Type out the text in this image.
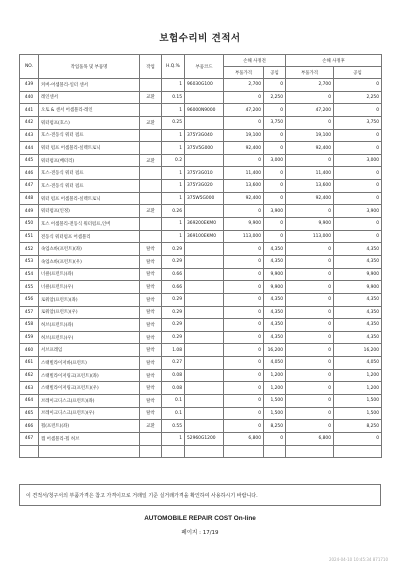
보험수리비 견적서
NO.	작업품목 및 부품명	작업	H.Q.%	부품코드	손해 사정전		손해 사정후	
					부품가격	공임	부품가격	공임
439	커버-어셈블리-일터 센서		1	96030G100	2,700	0	2,700	0
440	레인센서	교환	0.15		0	2,250	0	2,250
441	오토 & 센서 어셈블리-레인		1	96000N9000	47,200	0	47,200	0
442	워터펌프(호스)	교환	0.25		0	3,750	0	3,750
443	호스-전동식 워터 펌프		1	375Y3G040	19,100	0	19,100	0
444	워터 펌프 어셈블리-실렉트로닉		1	375V5G000	92,400	0	92,400	0
445	워터펌프(배터리)	교환	0.2		0	3,000	0	3,000
446	호스-전동식 워터 펌프		1	375Y3G010	11,400	0	11,400	0
447	호스-전동식 워터 펌프		1	375Y3G020	13,600	0	13,600	0
448	워터 펌프 어셈블리-실렉트로닉		1	375W5G000	92,400	0	92,400	0
449	워터펌프(인정)	교환	0.26		0	3,900	0	3,900
450	호스 어셈블리-전동식 워터펌프,인버		1	369200EKM0	9,900	0	9,900	0
451	전동식 워터펌프 어셈블리		1	369100EKM0	113,000	0	113,000	0
452	속업쇼바(프런트)(좌)	탈착	0.29		0	4,350	0	4,350
453	속업쇼바(프런트)(우)	탈착	0.29		0	4,350	0	4,350
454	너클(프런트)(좌)	탈착	0.66		0	9,900	0	9,900
455	너클(프런트)(우)	탈착	0.66		0	9,900	0	9,900
456	로워암(프런트)(좌)	탈착	0.29		0	4,350	0	4,350
457	로워암(프런트)(우)	탈착	0.29		0	4,350	0	4,350
458	허브(프런트)(좌)	탈착	0.29		0	4,350	0	4,350
459	허브(프런트)(우)	탈착	0.29		0	4,350	0	4,350
460	서브프레임	탈착	1.08		0	16,200	0	16,200
461	스태빌라이저바(프런트)	탈착	0.27		0	4,050	0	4,050
462	스태빌라이저링크(프런트)(좌)	탈착	0.08		0	1,200	0	1,200
463	스태빌라이저링크(프런트)(우)	탈착	0.08		0	1,200	0	1,200
464	브레이크디스크(프런트)(좌)	탈착	0.1		0	1,500	0	1,500
465	브레이크디스크(프런트)(우)	탈착	0.1		0	1,500	0	1,500
466	휠(프런트)(좌)	교환	0.55		0	8,250	0	8,250
467	캡 어셈블리-휠 허브		1	52960G1200	6,800	0	6,800	0

이 견적서/청구서의 부품가격은 참고 가격이므로 거래일 기준 실거래가격을 확인하여 사용하시기 바랍니다.
AUTOMOBILE REPAIR COST On-line
페이지 : 17/19
2024-04-10 10:45:34 871710
